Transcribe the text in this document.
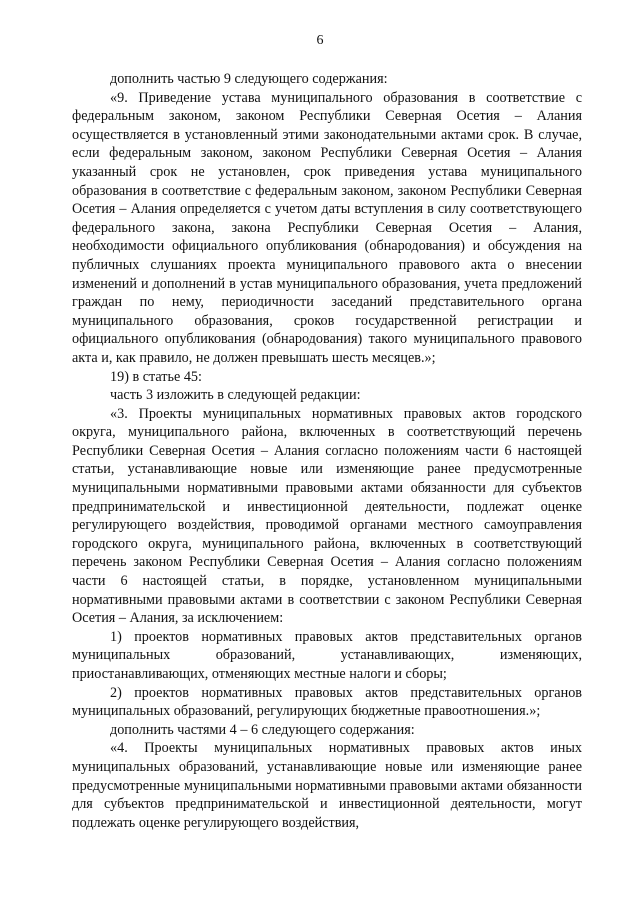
6

дополнить частью 9 следующего содержания:

«9. Приведение устава муниципального образования в соответствие с федеральным законом, законом Республики Северная Осетия – Алания осуществляется в установленный этими законодательными актами срок. В случае, если федеральным законом, законом Республики Северная Осетия – Алания указанный срок не установлен, срок приведения устава муниципального образования в соответствие с федеральным законом, законом Республики Северная Осетия – Алания определяется с учетом даты вступления в силу соответствующего федерального закона, закона Республики Северная Осетия – Алания, необходимости официального опубликования (обнародования) и обсуждения на публичных слушаниях проекта муниципального правового акта о внесении изменений и дополнений в устав муниципального образования, учета предложений граждан по нему, периодичности заседаний представительного органа муниципального образования, сроков государственной регистрации и официального опубликования (обнародования) такого муниципального правового акта и, как правило, не должен превышать шесть месяцев.»;

19) в статье 45:

часть 3 изложить в следующей редакции:

«3. Проекты муниципальных нормативных правовых актов городского округа, муниципального района, включенных в соответствующий перечень Республики Северная Осетия – Алания согласно положениям части 6 настоящей статьи, устанавливающие новые или изменяющие ранее предусмотренные муниципальными нормативными правовыми актами обязанности для субъектов предпринимательской и инвестиционной деятельности, подлежат оценке регулирующего воздействия, проводимой органами местного самоуправления городского округа, муниципального района, включенных в соответствующий перечень законом Республики Северная Осетия – Алания согласно положениям части 6 настоящей статьи, в порядке, установленном муниципальными нормативными правовыми актами в соответствии с законом Республики Северная Осетия – Алания, за исключением:

1) проектов нормативных правовых актов представительных органов муниципальных образований, устанавливающих, изменяющих, приостанавливающих, отменяющих местные налоги и сборы;

2) проектов нормативных правовых актов представительных органов муниципальных образований, регулирующих бюджетные правоотношения.»;

дополнить частями 4 – 6 следующего содержания:

«4. Проекты муниципальных нормативных правовых актов иных муниципальных образований, устанавливающие новые или изменяющие ранее предусмотренные муниципальными нормативными правовыми актами обязанности для субъектов предпринимательской и инвестиционной деятельности, могут подлежать оценке регулирующего воздействия,
